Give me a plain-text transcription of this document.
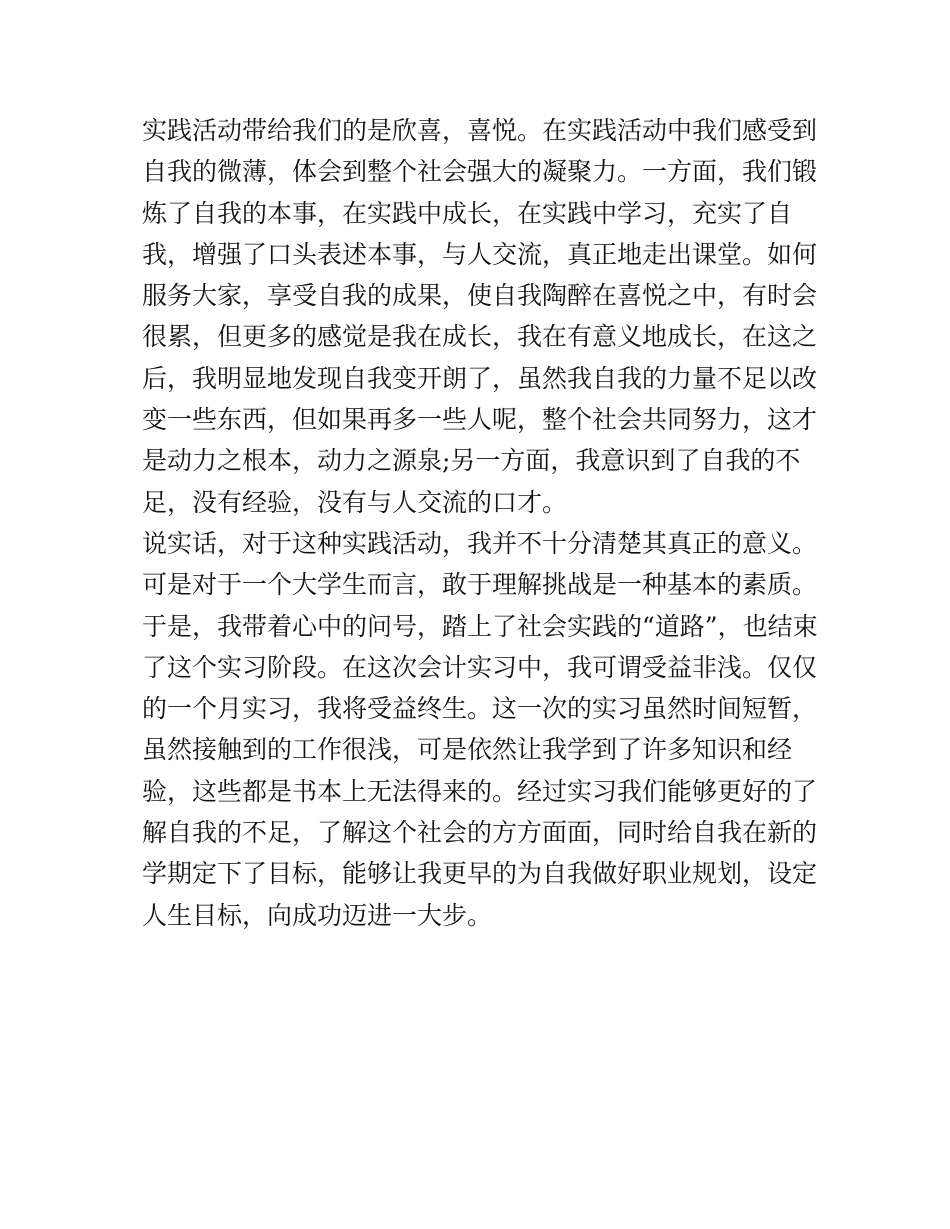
实践活动带给我们的是欣喜，喜悦。在实践活动中我们感受到
自我的微薄，体会到整个社会强大的凝聚力。一方面，我们锻
炼了自我的本事，在实践中成长，在实践中学习，充实了自
我，增强了口头表述本事，与人交流，真正地走出课堂。如何
服务大家，享受自我的成果，使自我陶醉在喜悦之中，有时会
很累，但更多的感觉是我在成长，我在有意义地成长，在这之
后，我明显地发现自我变开朗了，虽然我自我的力量不足以改
变一些东西，但如果再多一些人呢，整个社会共同努力，这才
是动力之根本，动力之源泉;另一方面，我意识到了自我的不
足，没有经验，没有与人交流的口才。
说实话，对于这种实践活动，我并不十分清楚其真正的意义。
可是对于一个大学生而言，敢于理解挑战是一种基本的素质。
于是，我带着心中的问号，踏上了社会实践的“道路”，也结束
了这个实习阶段。在这次会计实习中，我可谓受益非浅。仅仅
的一个月实习，我将受益终生。这一次的实习虽然时间短暂，
虽然接触到的工作很浅，可是依然让我学到了许多知识和经
验，这些都是书本上无法得来的。经过实习我们能够更好的了
解自我的不足，了解这个社会的方方面面，同时给自我在新的
学期定下了目标，能够让我更早的为自我做好职业规划，设定
人生目标，向成功迈进一大步。
